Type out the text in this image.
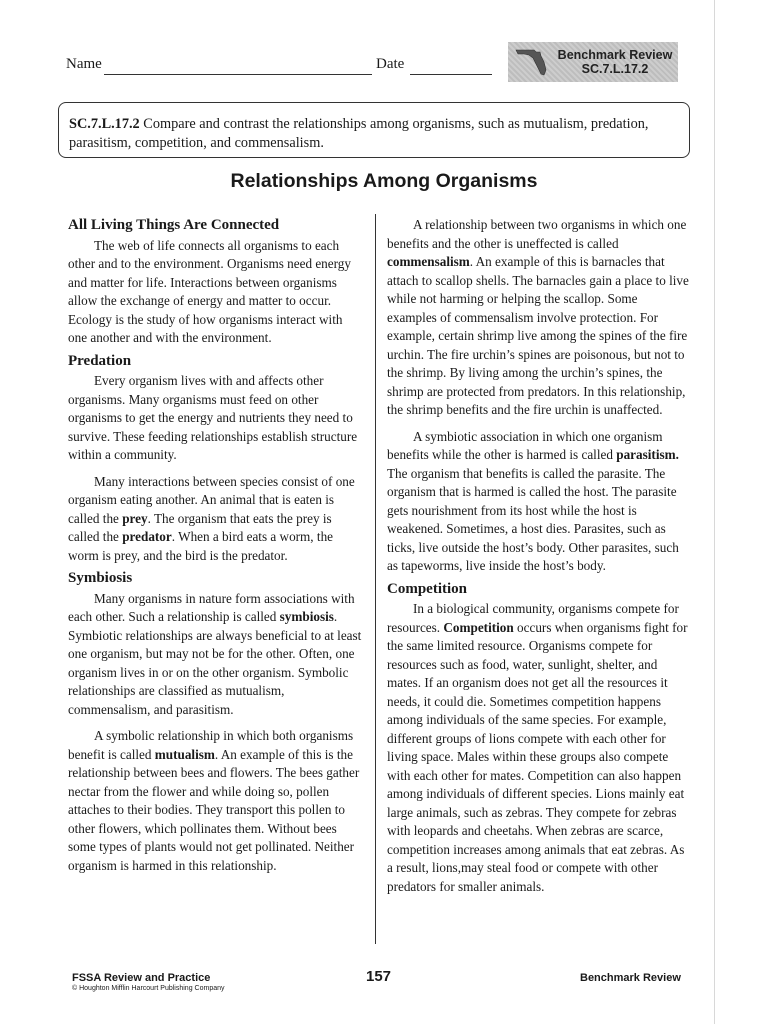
Name	Date
Benchmark Review
SC.7.L.17.2
SC.7.L.17.2 Compare and contrast the relationships among organisms, such as mutualism, predation, parasitism, competition, and commensalism.
Relationships Among Organisms
All Living Things Are Connected

The web of life connects all organisms to each other and to the environment. Organisms need energy and matter for life. Interactions between organisms allow the exchange of energy and matter to occur. Ecology is the study of how organisms interact with one another and with the environment.

Predation

Every organism lives with and affects other organisms. Many organisms must feed on other organisms to get the energy and nutrients they need to survive. These feeding relationships establish structure within a community.

Many interactions between species consist of one organism eating another. An animal that is eaten is called the prey. The organism that eats the prey is called the predator. When a bird eats a worm, the worm is prey, and the bird is the predator.

Symbiosis

Many organisms in nature form associations with each other. Such a relationship is called symbiosis. Symbiotic relationships are always beneficial to at least one organism, but may not be for the other. Often, one organism lives in or on the other organism. Symbolic relationships are classified as mutualism, commensalism, and parasitism.

A symbolic relationship in which both organisms benefit is called mutualism. An example of this is the relationship between bees and flowers. The bees gather nectar from the flower and while doing so, pollen attaches to their bodies. They transport this pollen to other flowers, which pollinates them. Without bees some types of plants would not get pollinated. Neither organism is harmed in this relationship.

A relationship between two organisms in which one benefits and the other is uneffected is called commensalism. An example of this is barnacles that attach to scallop shells. The barnacles gain a place to live while not harming or helping the scallop. Some examples of commensalism involve protection. For example, certain shrimp live among the spines of the fire urchin. The fire urchin’s spines are poisonous, but not to the shrimp. By living among the urchin’s spines, the shrimp are protected from predators. In this relationship, the shrimp benefits and the fire urchin is unaffected.

A symbiotic association in which one organism benefits while the other is harmed is called parasitism. The organism that benefits is called the parasite. The organism that is harmed is called the host. The parasite gets nourishment from its host while the host is weakened. Sometimes, a host dies. Parasites, such as ticks, live outside the host’s body. Other parasites, such as tapeworms, live inside the host’s body.

Competition

In a biological community, organisms compete for resources. Competition occurs when organisms fight for the same limited resource. Organisms compete for resources such as food, water, sunlight, shelter, and mates. If an organism does not get all the resources it needs, it could die. Sometimes competition happens among individuals of the same species. For example, different groups of lions compete with each other for living space. Males within these groups also compete with each other for mates. Competition can also happen among individuals of different species. Lions mainly eat large animals, such as zebras. They compete for zebras with leopards and cheetahs. When zebras are scarce, competition increases among animals that eat zebras. As a result, lions,may steal food or compete with other predators for smaller animals.

FSSA Review and Practice
© Houghton Mifflin Harcourt Publishing Company
157	Benchmark Review
